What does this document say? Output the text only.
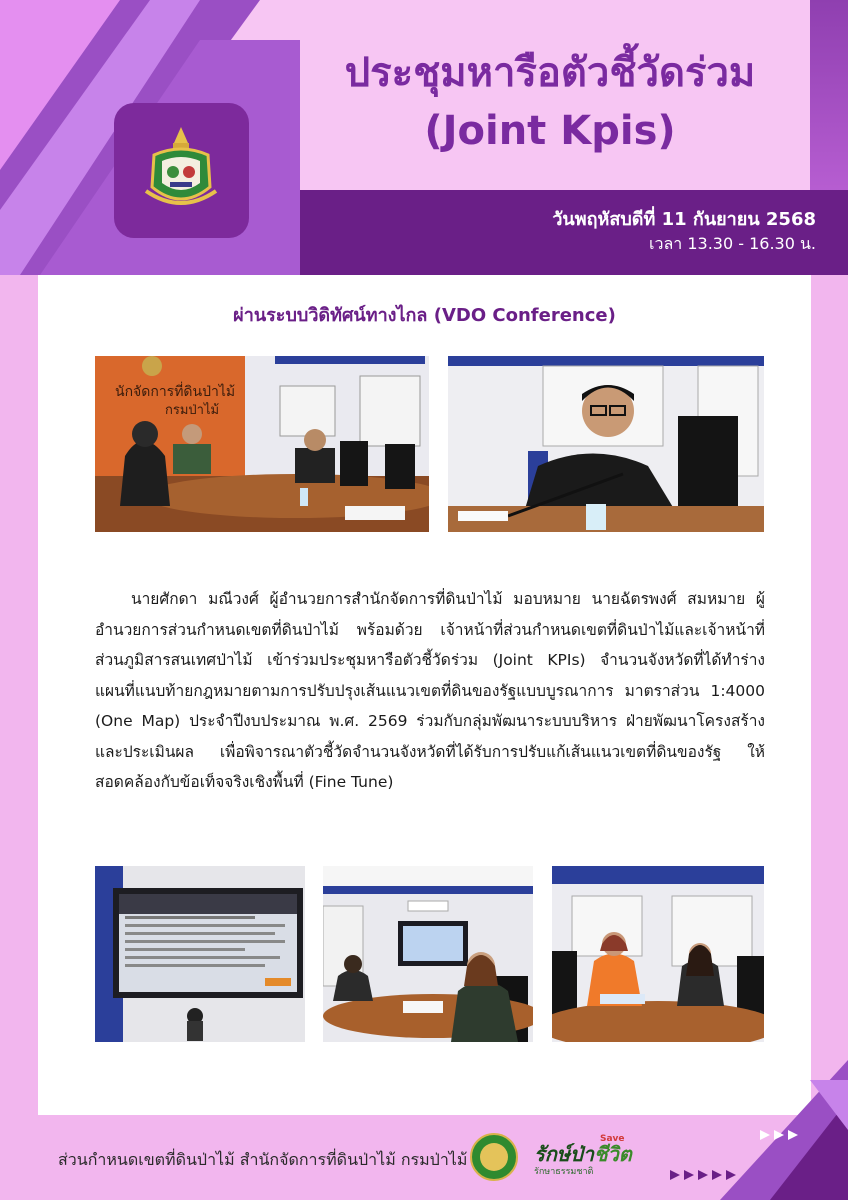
ประชุมหารือตัวชี้วัดร่วม
(Joint Kpis)
วันพฤหัสบดีที่ 11 กันยายน 2568
เวลา 13.30 - 16.30 น.
ผ่านระบบวิดิทัศน์ทางไกล (VDO Conference)
นักจัดการที่ดินป่าไม้
กรมป่าไม้
นายศักดา มณีวงศ์ ผู้อำนวยการสำนักจัดการที่ดินป่าไม้ มอบหมาย นายฉัตรพงศ์ สมหมาย ผู้อำนวยการส่วนกำหนดเขตที่ดินป่าไม้ พร้อมด้วย เจ้าหน้าที่ส่วนกำหนดเขตที่ดินป่าไม้และเจ้าหน้าที่ส่วนภูมิสารสนเทศป่าไม้ เข้าร่วมประชุมหารือตัวชี้วัดร่วม (Joint KPIs) จำนวนจังหวัดที่ได้ทำร่างแผนที่แนบท้ายกฎหมายตามการปรับปรุงเส้นแนวเขตที่ดินของรัฐแบบบูรณาการ มาตราส่วน 1:4000 (One Map) ประจำปีงบประมาณ พ.ศ. 2569 ร่วมกับกลุ่มพัฒนาระบบบริหาร ฝ่ายพัฒนาโครงสร้างและประเมินผล เพื่อพิจารณาตัวชี้วัดจำนวนจังหวัดที่ได้รับการปรับแก้เส้นแนวเขตที่ดินของรัฐ ให้สอดคล้องกับข้อเท็จจริงเชิงพื้นที่ (Fine Tune)
ส่วนกำหนดเขตที่ดินป่าไม้ สำนักจัดการที่ดินป่าไม้ กรมป่าไม้	รักษ์ป่าชีวิต
Save
รักษาธรรมชาติ
